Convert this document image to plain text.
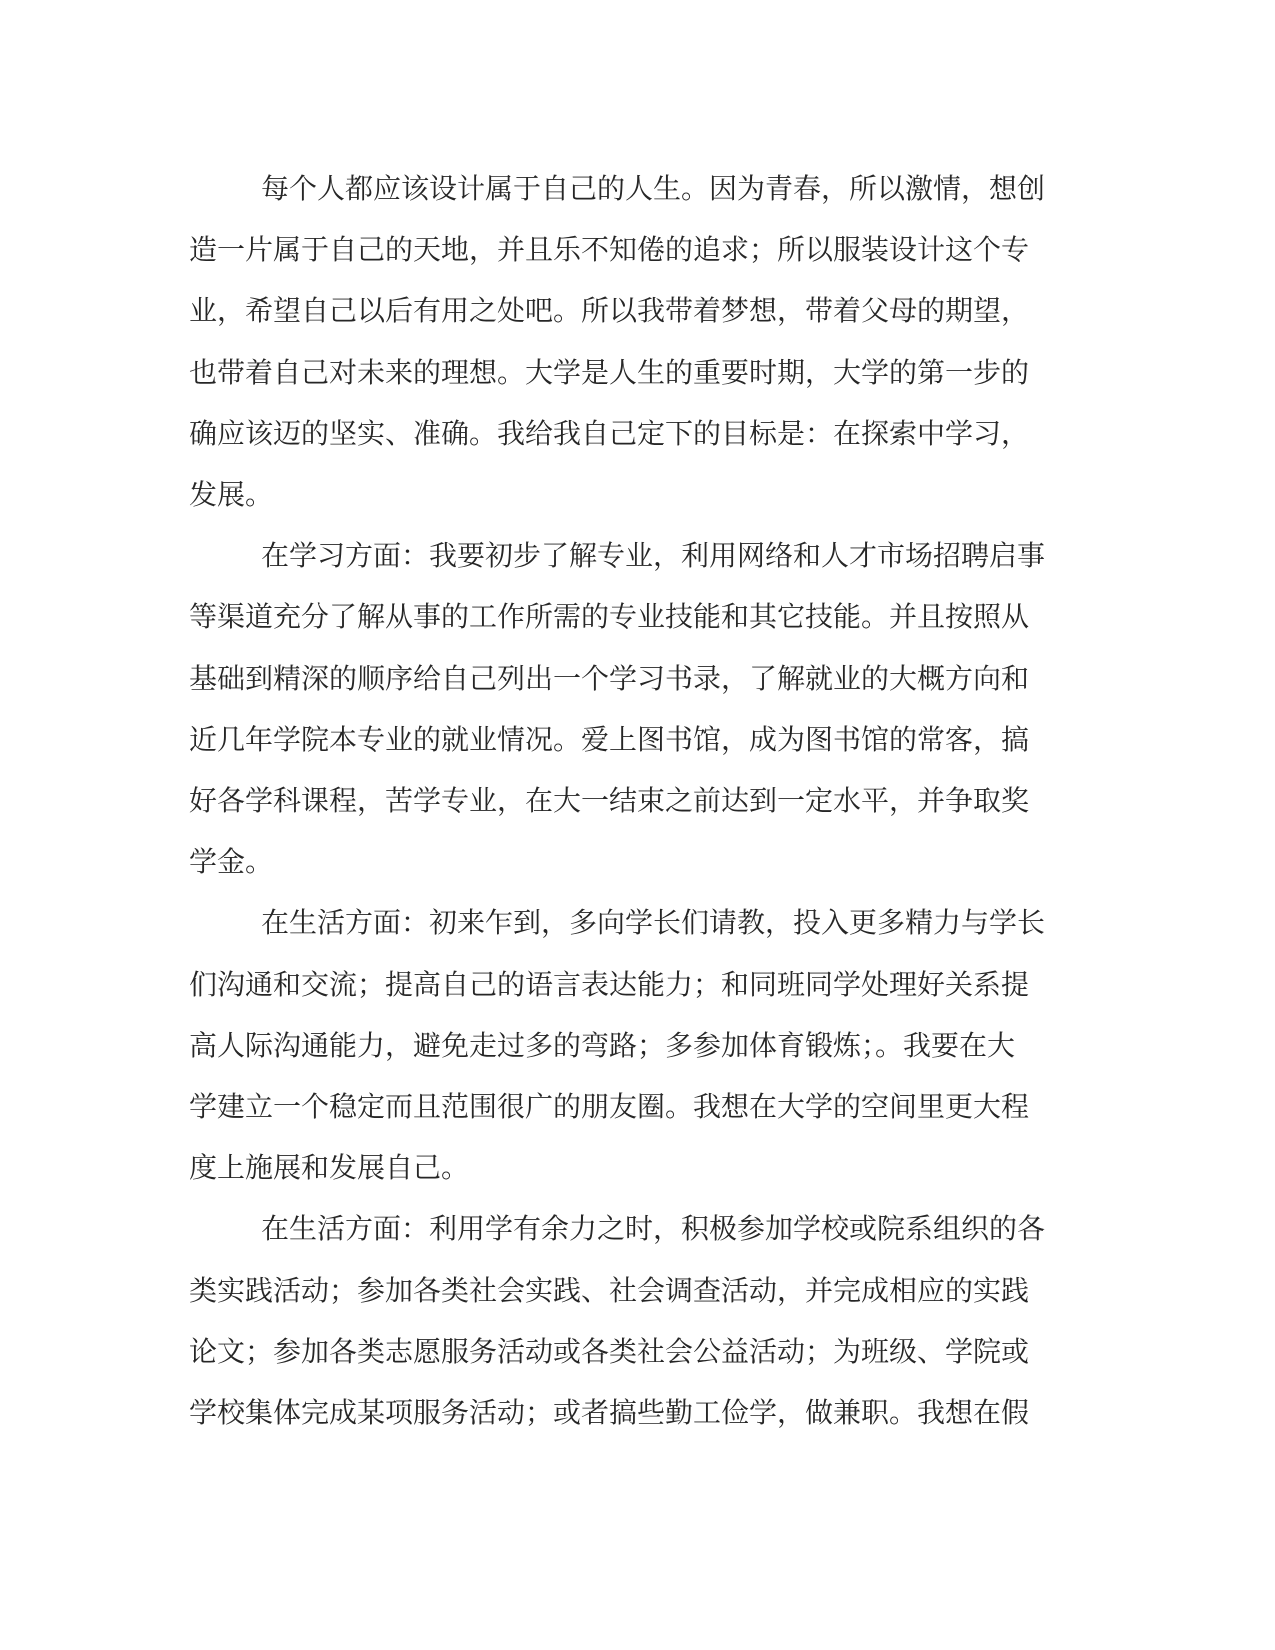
每个人都应该设计属于自己的人生。因为青春，所以激情，想创
造一片属于自己的天地，并且乐不知倦的追求；所以服装设计这个专
业，希望自己以后有用之处吧。所以我带着梦想，带着父母的期望，
也带着自己对未来的理想。大学是人生的重要时期，大学的第一步的
确应该迈的坚实、准确。我给我自己定下的目标是：在探索中学习，
发展。

在学习方面：我要初步了解专业，利用网络和人才市场招聘启事
等渠道充分了解从事的工作所需的专业技能和其它技能。并且按照从
基础到精深的顺序给自己列出一个学习书录，了解就业的大概方向和
近几年学院本专业的就业情况。爱上图书馆，成为图书馆的常客，搞
好各学科课程，苦学专业，在大一结束之前达到一定水平，并争取奖
学金。

在生活方面：初来乍到，多向学长们请教，投入更多精力与学长
们沟通和交流；提高自己的语言表达能力；和同班同学处理好关系提
高人际沟通能力，避免走过多的弯路；多参加体育锻炼；。我要在大
学建立一个稳定而且范围很广的朋友圈。我想在大学的空间里更大程
度上施展和发展自己。

在生活方面：利用学有余力之时，积极参加学校或院系组织的各
类实践活动；参加各类社会实践、社会调查活动，并完成相应的实践
论文；参加各类志愿服务活动或各类社会公益活动；为班级、学院或
学校集体完成某项服务活动；或者搞些勤工俭学，做兼职。我想在假
